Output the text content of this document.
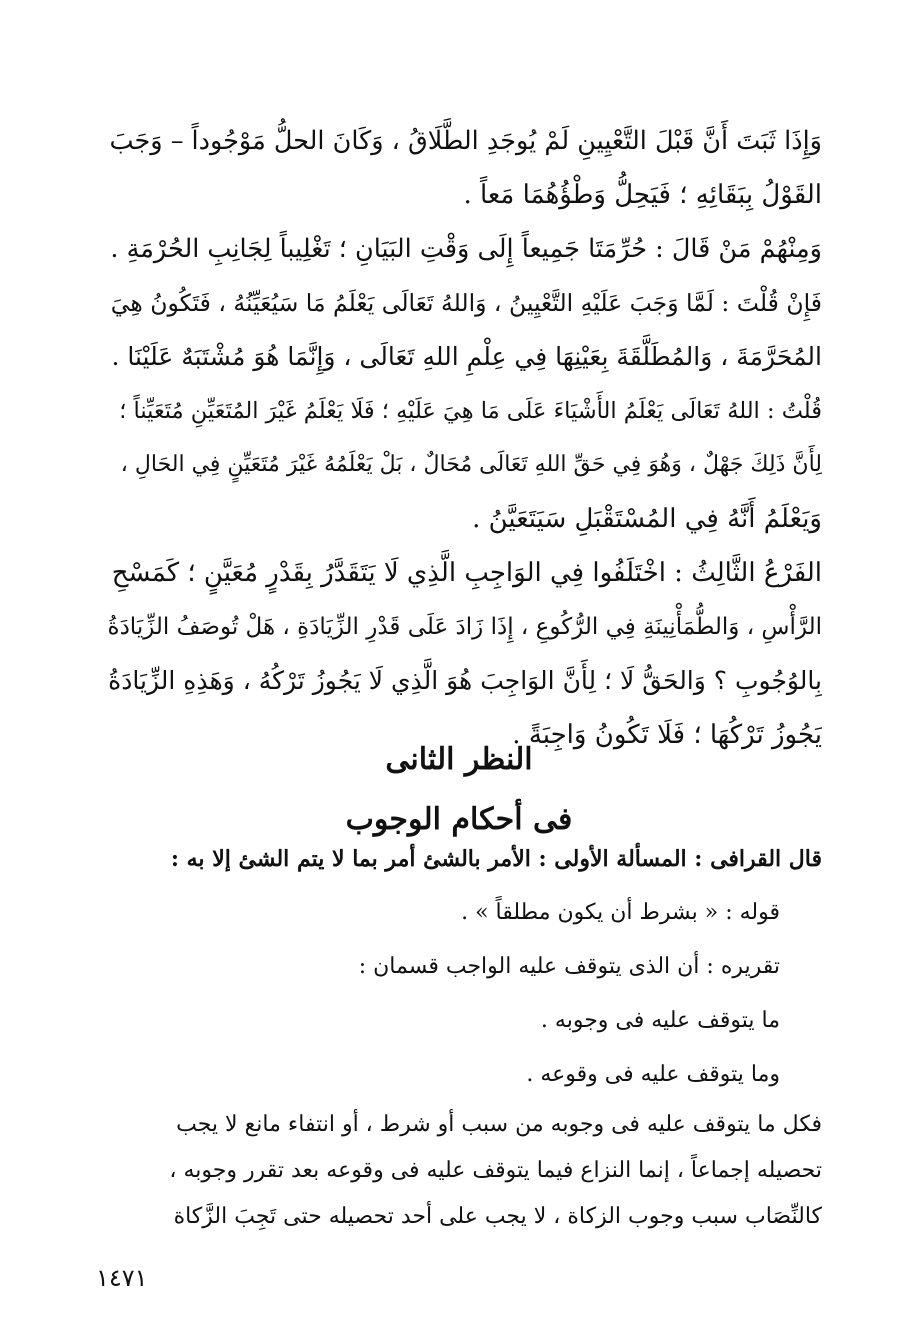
وَإِذَا ثَبَتَ أَنَّ قَبْلَ التَّعْيِينِ لَمْ يُوجَدِ الطَّلَاقُ ، وَكَانَ الحلُّ مَوْجُوداً – وَجَبَ
القَوْلُ بِبَقَائِهِ ؛ فَيَحِلُّ وَطْؤُهُمَا مَعاً .
وَمِنْهُمْ مَنْ قَالَ : حُرِّمَتَا جَمِيعاً إِلَى وَقْتِ البَيَانِ ؛ تَغْلِيباً لِجَانِبِ الحُرْمَةِ .
فَإِنْ قُلْتَ : لَمَّا وَجَبَ عَلَيْهِ التَّعْيِينُ ، وَاللهُ تَعَالَى يَعْلَمُ مَا سَيُعَيِّنُهُ ، فَتَكُونُ هِيَ
المُحَرَّمَةَ ، وَالمُطَلَّقَةَ بِعَيْنِهَا فِي عِلْمِ اللهِ تَعَالَى ، وَإِنَّمَا هُوَ مُشْتَبَهٌ عَلَيْنَا .
قُلْتُ : اللهُ تَعَالَى يَعْلَمُ الأَشْيَاءَ عَلَى مَا هِيَ عَلَيْهِ ؛ فَلَا يَعْلَمُ غَيْرَ المُتَعَيِّنِ مُتَعَيِّناً ؛
لِأَنَّ ذَلِكَ جَهْلٌ ، وَهُوَ فِي حَقِّ اللهِ تَعَالَى مُحَالٌ ، بَلْ يَعْلَمُهُ غَيْرَ مُتَعَيِّنٍ فِي الحَالِ ،
وَيَعْلَمُ أَنَّهُ فِي المُسْتَقْبَلِ سَيَتَعَيَّنُ .
الفَرْعُ الثَّالِثُ : اخْتَلَفُوا فِي الوَاجِبِ الَّذِي لَا يَتَقَدَّرُ بِقَدْرٍ مُعَيَّنٍ ؛ كَمَسْحِ
الرَّأْسِ ، وَالطُّمَأْنِينَةِ فِي الرُّكُوعِ ، إِذَا زَادَ عَلَى قَدْرِ الزِّيَادَةِ ، هَلْ تُوصَفُ الزِّيَادَةُ
بِالوُجُوبِ ؟ وَالحَقُّ لَا ؛ لِأَنَّ الوَاجِبَ هُوَ الَّذِي لَا يَجُوزُ تَرْكُهُ ، وَهَذِهِ الزِّيَادَةُ
يَجُوزُ تَرْكُهَا ؛ فَلَا تَكُونُ وَاجِبَةً .
النظر الثانى
فى أحكام الوجوب
قال القرافى : المسألة الأولى : الأمر بالشئ أمر بما لا يتم الشئ إلا به :
قوله : « بشرط أن يكون مطلقاً » .
تقريره : أن الذى يتوقف عليه الواجب قسمان :
ما يتوقف عليه فى وجوبه .
وما يتوقف عليه فى وقوعه .
فكل ما يتوقف عليه فى وجوبه من سبب أو شرط ، أو انتفاء مانع لا يجب
تحصيله إجماعاً ، إنما النزاع فيما يتوقف عليه فى وقوعه بعد تقرر وجوبه ،
كالنِّصَاب سبب وجوب الزكاة ، لا يجب على أحد تحصيله حتى تَجِبَ الزَّكاة
١٤٧١
